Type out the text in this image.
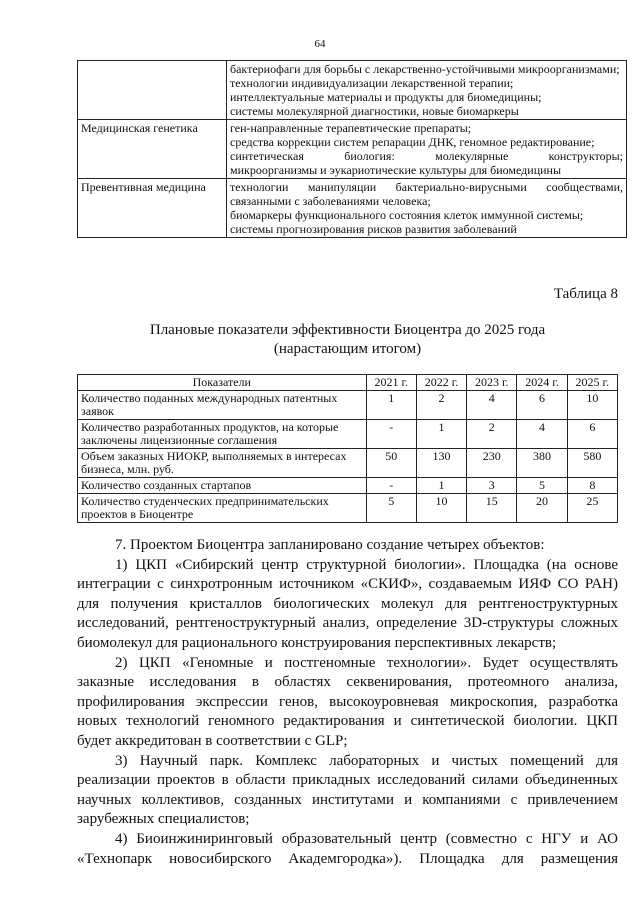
64

	бактериофаги для борьбы с лекарственно-устойчивыми микроорганизмами;
технологии индивидуализации лекарственной терапии;
интеллектуальные материалы и продукты для биомедицины;
системы молекулярной диагностики, новые биомаркеры

Медицинская генетика	ген-направленные терапевтические препараты;
средства коррекции систем репарации ДНК, геномное редактирование;
синтетическая биология: молекулярные конструкторы;
микроорганизмы и эукариотические культуры для биомедицины

Превентивная медицина	технологии манипуляции бактериально-вирусными сообществами, связанными с заболеваниями человека;
биомаркеры функционального состояния клеток иммунной системы;
системы прогнозирования рисков развития заболеваний
Таблица 8
Плановые показатели эффективности Биоцентра до 2025 года
(нарастающим итогом)
Показатели	2021 г.	2022 г.	2023 г.	2024 г.	2025 г.
Количество поданных международных патентных заявок	1	2	4	6	10
Количество разработанных продуктов, на которые заключены лицензионные соглашения	-	1	2	4	6
Объем заказных НИОКР, выполняемых в интересах бизнеса, млн. руб.	50	130	230	380	580
Количество созданных стартапов	-	1	3	5	8
Количество студенческих предпринимательских проектов в Биоцентре	5	10	15	20	25

7. Проектом Биоцентра запланировано создание четырех объектов:

1) ЦКП «Сибирский центр структурной биологии». Площадка (на основе интеграции с синхротронным источником «СКИФ», создаваемым ИЯФ СО РАН) для получения кристаллов биологических молекул для рентгеноструктурных исследований, рентгеноструктурный анализ, определение 3D-структуры сложных биомолекул для рационального конструирования перспективных лекарств;

2) ЦКП «Геномные и постгеномные технологии». Будет осуществлять заказные исследования в областях секвенирования, протеомного анализа, профилирования экспрессии генов, высокоуровневая микроскопия, разработка новых технологий геномного редактирования и синтетической биологии. ЦКП будет аккредитован в соответствии с GLP;

3) Научный парк. Комплекс лабораторных и чистых помещений для реализации проектов в области прикладных исследований силами объединенных научных коллективов, созданных институтами и компаниями с привлечением зарубежных специалистов;

4) Биоинжиниринговый образовательный центр (совместно с НГУ и АО «Технопарк новосибирского Академгородка»). Площадка для размещения
